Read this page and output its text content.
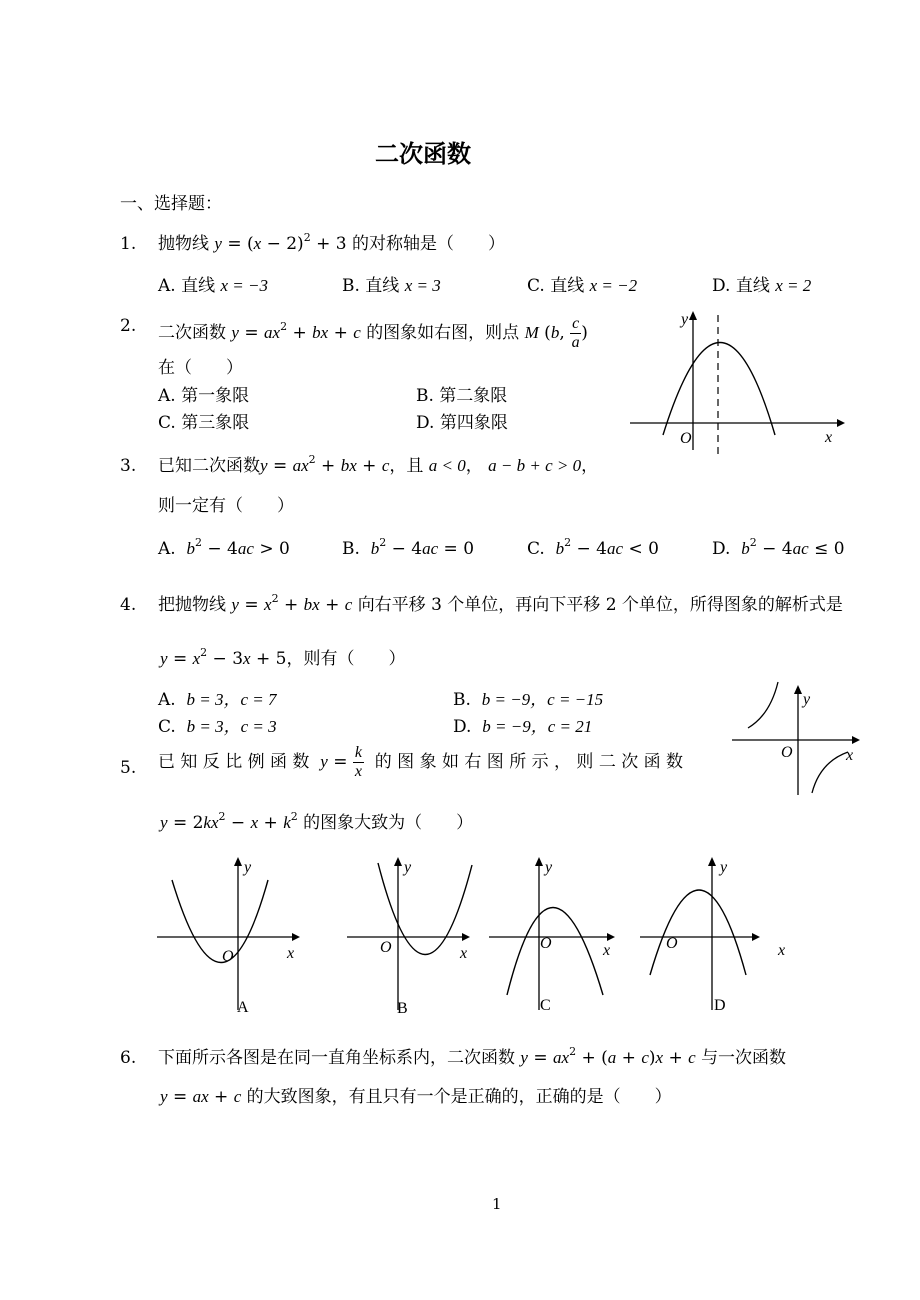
二次函数
一、选择题：
1. 抛物线 $y = (x - 2)^2 + 3$ 的对称轴是（　　）
A. 直线 x = −3	B. 直线 x = 3	C. 直线 x = −2	D. 直线 x = 2
2. 二次函数 $y = ax^2$ + bx + c 的图象如右图，则点 M (b, $\frac{c}{a}$ )
在（　　）
A. 第一象限	B. 第二象限
C. 第三象限	D. 第四象限
y
x
O
3. 已知二次函数$y = ax^2$ + bx + c，且 a < 0， a − b + c > 0，
则一定有（　　）
A. $b^2 - 4ac > 0$	B. $b^2 - 4ac = 0$	C. $b^2 - 4ac < 0$	D. $b^2 - 4ac \le 0$
4. 把抛物线 $y = x^2$ + bx + c 向右平移 3 个单位，再向下平移 2 个单位，所得图象的解析式是
$y = x^2 - 3x + 5$，则有（　　）
A. b = 3，c = 7	B. b = −9，c = −15
C. b = 3，c = 3	D. b = −9，c = 21
y
x
O
5. 已 知 反 比 例 函 数 $y = \frac{k}{x}$ 的 图 象 如 右 图 所 示 ， 则 二 次 函 数
$y = 2kx^2 - x + k^2$ 的图象大致为（　　）
y
x
O
A
y
x
O
B
y
x
O
C
y
x
O
D
6. 下面所示各图是在同一直角坐标系内，二次函数 $y = ax^2 + (a + c)x + c$ 与一次函数
y = ax + c 的大致图象，有且只有一个是正确的，正确的是（　　）
1
